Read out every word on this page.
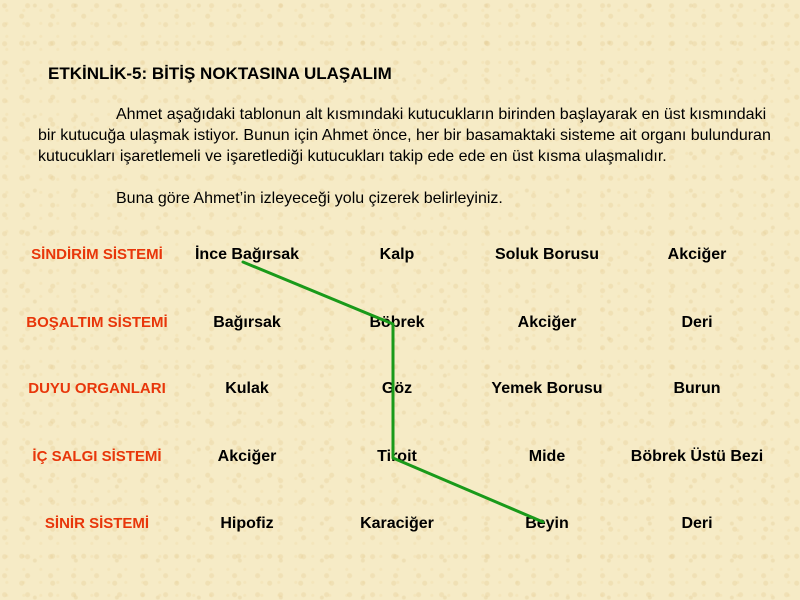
ETKİNLİK-5: BİTİŞ NOKTASINA ULAŞALIM

Ahmet aşağıdaki tablonun alt kısmındaki kutucukların birinden başlayarak en üst kısmındaki bir kutucuğa ulaşmak istiyor. Bunun için Ahmet önce, her bir basamaktaki sisteme ait organı bulunduran kutucukları işaretlemeli ve işaretlediği kutucukları takip ede ede en üst kısma ulaşmalıdır.

Buna göre Ahmet’in izleyeceği yolu çizerek belirleyiniz.

SİNDİRİM SİSTEMİ	İnce Bağırsak	Kalp	Soluk Borusu	Akciğer
BOŞALTIM SİSTEMİ	Bağırsak	Böbrek	Akciğer	Deri
DUYU ORGANLARI	Kulak	Göz	Yemek Borusu	Burun
İÇ SALGI SİSTEMİ	Akciğer	Tiroit	Mide	Böbrek Üstü Bezi
SİNİR SİSTEMİ	Hipofiz	Karaciğer	Beyin	Deri
